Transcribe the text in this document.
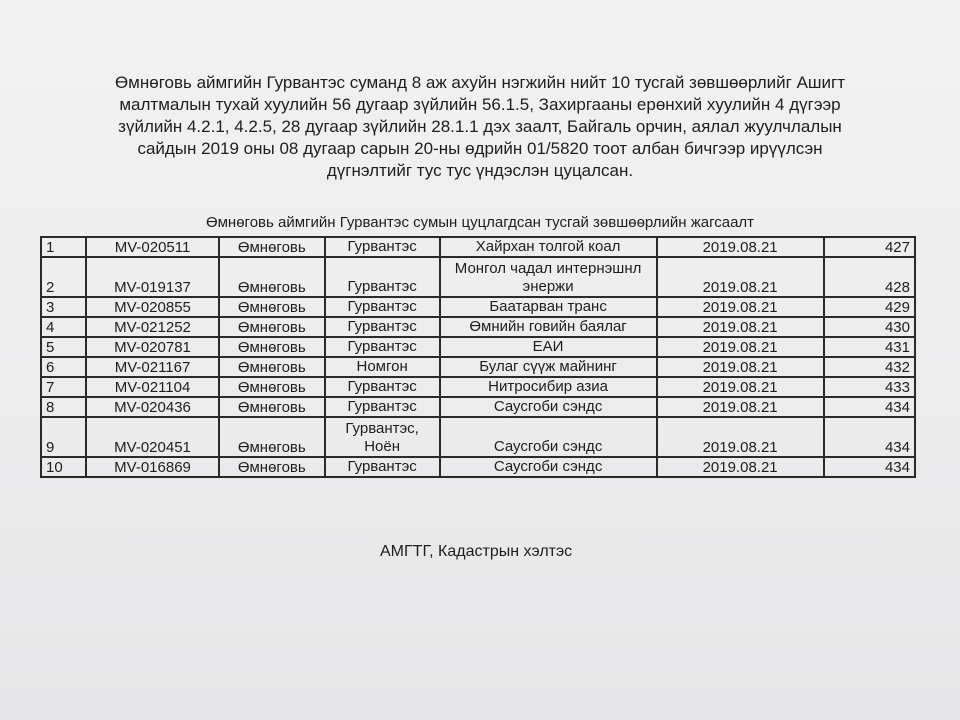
Өмнөговь аймгийн Гурвантэс суманд 8 аж ахуйн нэгжийн нийт 10 тусгай зөвшөөрлийг Ашигт
малтмалын тухай хуулийн 56 дугаар зүйлийн 56.1.5, Захиргааны ерөнхий хуулийн 4 дүгээр
зүйлийн 4.2.1, 4.2.5, 28 дугаар зүйлийн 28.1.1 дэх заалт, Байгаль орчин, аялал жуулчлалын
сайдын 2019 оны 08 дугаар сарын 20-ны өдрийн 01/5820 тоот албан бичгээр ирүүлсэн
дүгнэлтийг тус тус үндэслэн цуцалсан.
Өмнөговь аймгийн Гурвантэс сумын цуцлагдсан тусгай зөвшөөрлийн жагсаалт
1	MV-020511	Өмнөговь	Гурвантэс	Хайрхан толгой коал	2019.08.21	427
2	MV-019137	Өмнөговь	Гурвантэс	Монгол чадал интернэшнл
энержи	2019.08.21	428
3	MV-020855	Өмнөговь	Гурвантэс	Баатарван транс	2019.08.21	429
4	MV-021252	Өмнөговь	Гурвантэс	Өмнийн говийн баялаг	2019.08.21	430
5	MV-020781	Өмнөговь	Гурвантэс	ЕАИ	2019.08.21	431
6	MV-021167	Өмнөговь	Номгон	Булаг сүүж майнинг	2019.08.21	432
7	MV-021104	Өмнөговь	Гурвантэс	Нитросибир азиа	2019.08.21	433
8	MV-020436	Өмнөговь	Гурвантэс	Саусгоби сэндс	2019.08.21	434
9	MV-020451	Өмнөговь	Гурвантэс,
Ноён	Саусгоби сэндс	2019.08.21	434
10	MV-016869	Өмнөговь	Гурвантэс	Саусгоби сэндс	2019.08.21	434
АМГТГ, Кадастрын хэлтэс
